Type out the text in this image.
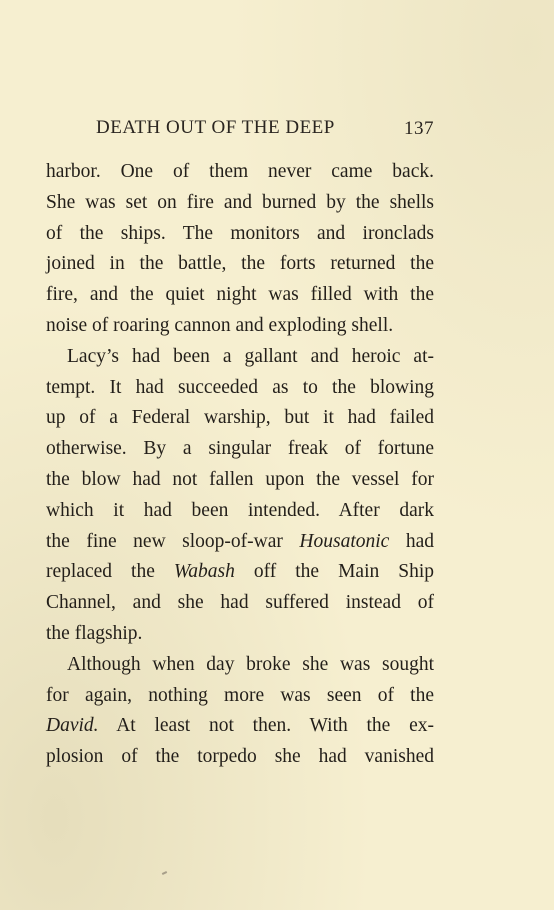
DEATH OUT OF THE DEEP	137
harbor. One of them never came back.
She was set on fire and burned by the shells
of the ships. The monitors and ironclads
joined in the battle, the forts returned the
fire, and the quiet night was filled with the
noise of roaring cannon and exploding shell.
Lacy’s had been a gallant and heroic at-
tempt. It had succeeded as to the blowing
up of a Federal warship, but it had failed
otherwise. By a singular freak of fortune
the blow had not fallen upon the vessel for
which it had been intended. After dark
the fine new sloop-of-war Housatonic had
replaced the Wabash off the Main Ship
Channel, and she had suffered instead of
the flagship.
Although when day broke she was sought
for again, nothing more was seen of the
David. At least not then. With the ex-
plosion of the torpedo she had vanished
